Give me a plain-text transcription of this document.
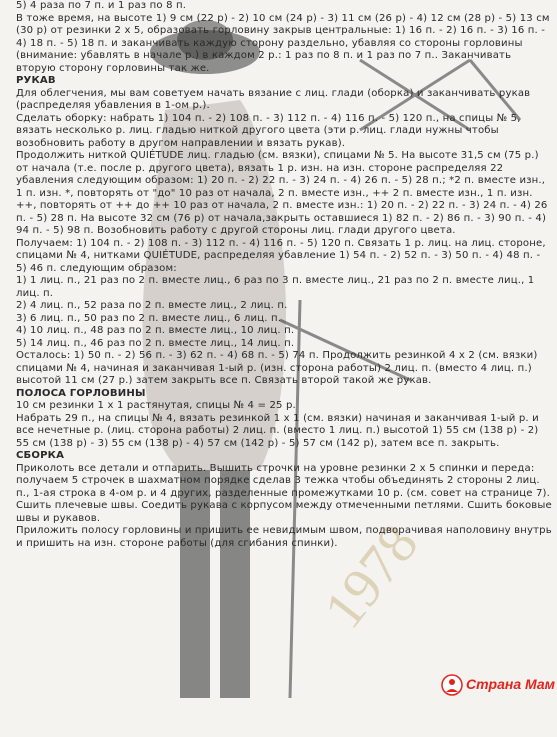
1978

5) 4 раза по 7 п. и 1 раз по 8 п.

В тоже время, на высоте 1) 9 см (22 р) - 2) 10 см (24 р) - 3) 11 см (26 р) - 4) 12 см (28 р) - 5) 13 см (30 р) от резинки 2 х 5, образовать горловину закрыв центральные: 1) 16 п. - 2) 16 п. - 3) 16 п. - 4) 18 п. - 5) 18 п. и заканчивать каждую сторону раздельно, убавляя со стороны горловины (внимание: убавлять в начале р.) в каждом 2 р.: 1 раз по 8 п. и 1 раз по 7 п.. Заканчивать вторую сторону горловины так же.

РУКАВ

Для облегчения, мы вам советуем начать вязание с лиц. глади (оборка) и заканчивать рукав (распределяя убавления в 1-ом р.).

Сделать оборку: набрать 1) 104 п. - 2) 108 п. - 3) 112 п. - 4) 116 п. - 5) 120 п., на спицы № 5, вязать несколько р. лиц. гладью ниткой другого цвета (эти р. лиц. глади нужны чтобы возобновить работу в другом направлении и вязать рукав).

Продолжить ниткой QUIÉTUDE лиц. гладью (см. вязки), спицами № 5. На высоте 31,5 см (75 р.) от начала (т.е. после р. другого цвета), вязать 1 р. изн. на изн. стороне распределяя 22 убавления следующим образом: 1) 20 п. - 2) 22 п. - 3) 24 п. - 4) 26 п. - 5) 28 п.; *2 п. вместе изн., 1 п. изн. *, повторять от "до" 10 раз от начала, 2 п. вместе изн., ++ 2 п. вместе изн., 1 п. изн. ++, повторять от ++ до ++ 10 раз от начала, 2 п. вместе изн.: 1) 20 п. - 2) 22 п. - 3) 24 п. - 4) 26 п. - 5) 28 п. На высоте 32 см (76 р) от начала,закрыть оставшиеся 1) 82 п. - 2) 86 п. - 3) 90 п. - 4) 94 п. - 5) 98 п. Возобновить работу с другой стороны лиц. глади другого цвета.

Получаем: 1) 104 п. - 2) 108 п. - 3) 112 п. - 4) 116 п. - 5) 120 п. Связать 1 р. лиц. на лиц. стороне, спицами № 4, нитками QUIÉTUDE, распределяя убавление 1) 54 п. - 2) 52 п. - 3) 50 п. - 4) 48 п. - 5) 46 п. следующим образом:

1) 1 лиц. п., 21 раз по 2 п. вместе лиц., 6 раз по 3 п. вместе лиц., 21 раз по 2 п. вместе лиц., 1 лиц. п.

2) 4 лиц. п., 52 раза по 2 п. вместе лиц., 2 лиц. п.

3) 6 лиц. п., 50 раз по 2 п. вместе лиц., 6 лиц. п.

4) 10 лиц. п., 48 раз по 2 п. вместе лиц., 10 лиц. п.

5) 14 лиц. п., 46 раз по 2 п. вместе лиц., 14 лиц. п.

Осталось: 1) 50 п. - 2) 56 п. - 3) 62 п. - 4) 68 п. - 5) 74 п. Продолжить резинкой 4 х 2 (см. вязки) спицами № 4, начиная и заканчивая 1-ый р. (изн. сторона работы) 2 лиц. п. (вместо 4 лиц. п.) высотой 11 см (27 р.) затем закрыть все п. Связать второй такой же рукав.

ПОЛОСА ГОРЛОВИНЫ

10 см резинки 1 х 1 растянутая, спицы № 4 = 25 р.

Набрать 29 п., на спицы № 4, вязать резинкой 1 х 1 (см. вязки) начиная и заканчивая 1-ый р. и все нечетные р. (лиц. сторона работы) 2 лиц. п. (вместо 1 лиц. п.) высотой 1) 55 см (138 р) - 2) 55 см (138 р) - 3) 55 см (138 р) - 4) 57 см (142 р) - 5) 57 см (142 р), затем все п. закрыть.

СБОРКА

Приколоть все детали и отпарить. Вышить строчки на уровне резинки 2 х 5 спинки и переда: получаем 5 строчек в шахматном порядке сделав 3 тежка чтобы объединять 2 стороны 2 лиц. п., 1-ая строка в 4-ом р. и 4 других, разделенные промежутками 10 р. (см. совет на странице 7). Сшить плечевые швы. Соедить рукава с корпусом между отмеченными петлями. Сшить боковые швы и рукавов.

Приложить полосу горловины и пришить ее невидимым швом, подворачивая наполовину внутрь и пришить на изн. стороне работы (для сгибания спинки).

Страна Мам
